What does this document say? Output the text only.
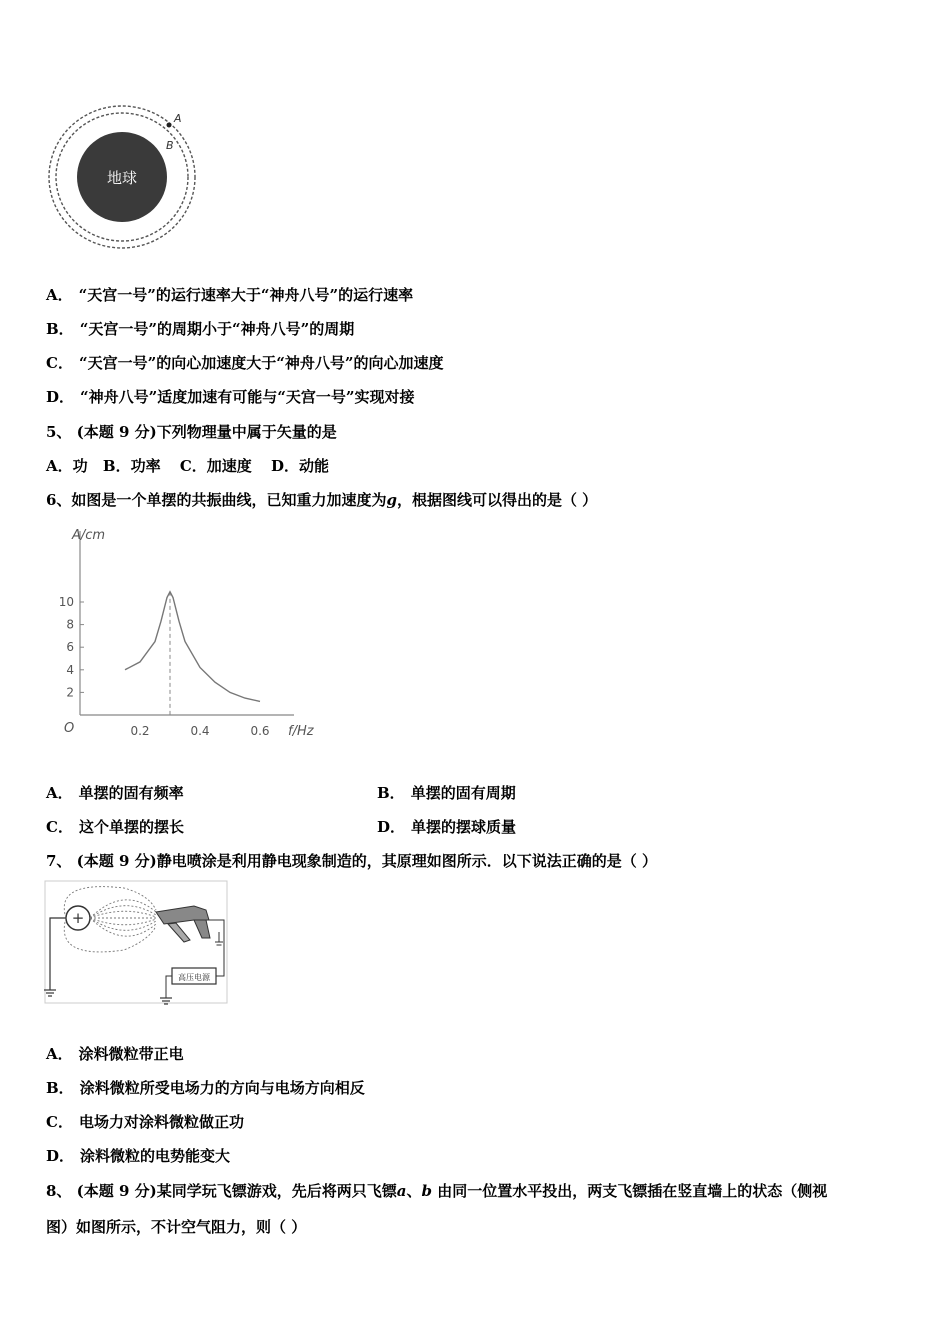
地球
A
B
A． “天宫一号”的运行速率大于“神舟八号”的运行速率
B． “天宫一号”的周期小于“神舟八号”的周期
C． “天宫一号”的向心加速度大于“神舟八号”的向心加速度
D． “神舟八号”适度加速有可能与“天宫一号”实现对接
5、 (本题 9 分)下列物理量中属于矢量的是
A．功 B．功率 C．加速度 D．动能
6、如图是一个单摆的共振曲线，已知重力加速度为g，根据图线可以得出的是（ ）
A/cm
f/Hz
O
2
4
6
8
10
0.2	0.4	0.6
A． 单摆的固有频率	B． 单摆的固有周期
C． 这个单摆的摆长	D． 单摆的摆球质量
7、 (本题 9 分)静电喷涂是利用静电现象制造的，其原理如图所示．以下说法正确的是（ ）
+
高压电源
A． 涂料微粒带正电
B． 涂料微粒所受电场力的方向与电场方向相反
C． 电场力对涂料微粒做正功
D． 涂料微粒的电势能变大
8、 (本题 9 分)某同学玩飞镖游戏，先后将两只飞镖a、b 由同一位置水平投出，两支飞镖插在竖直墙上的状态（侧视
图）如图所示，不计空气阻力，则（ ）
